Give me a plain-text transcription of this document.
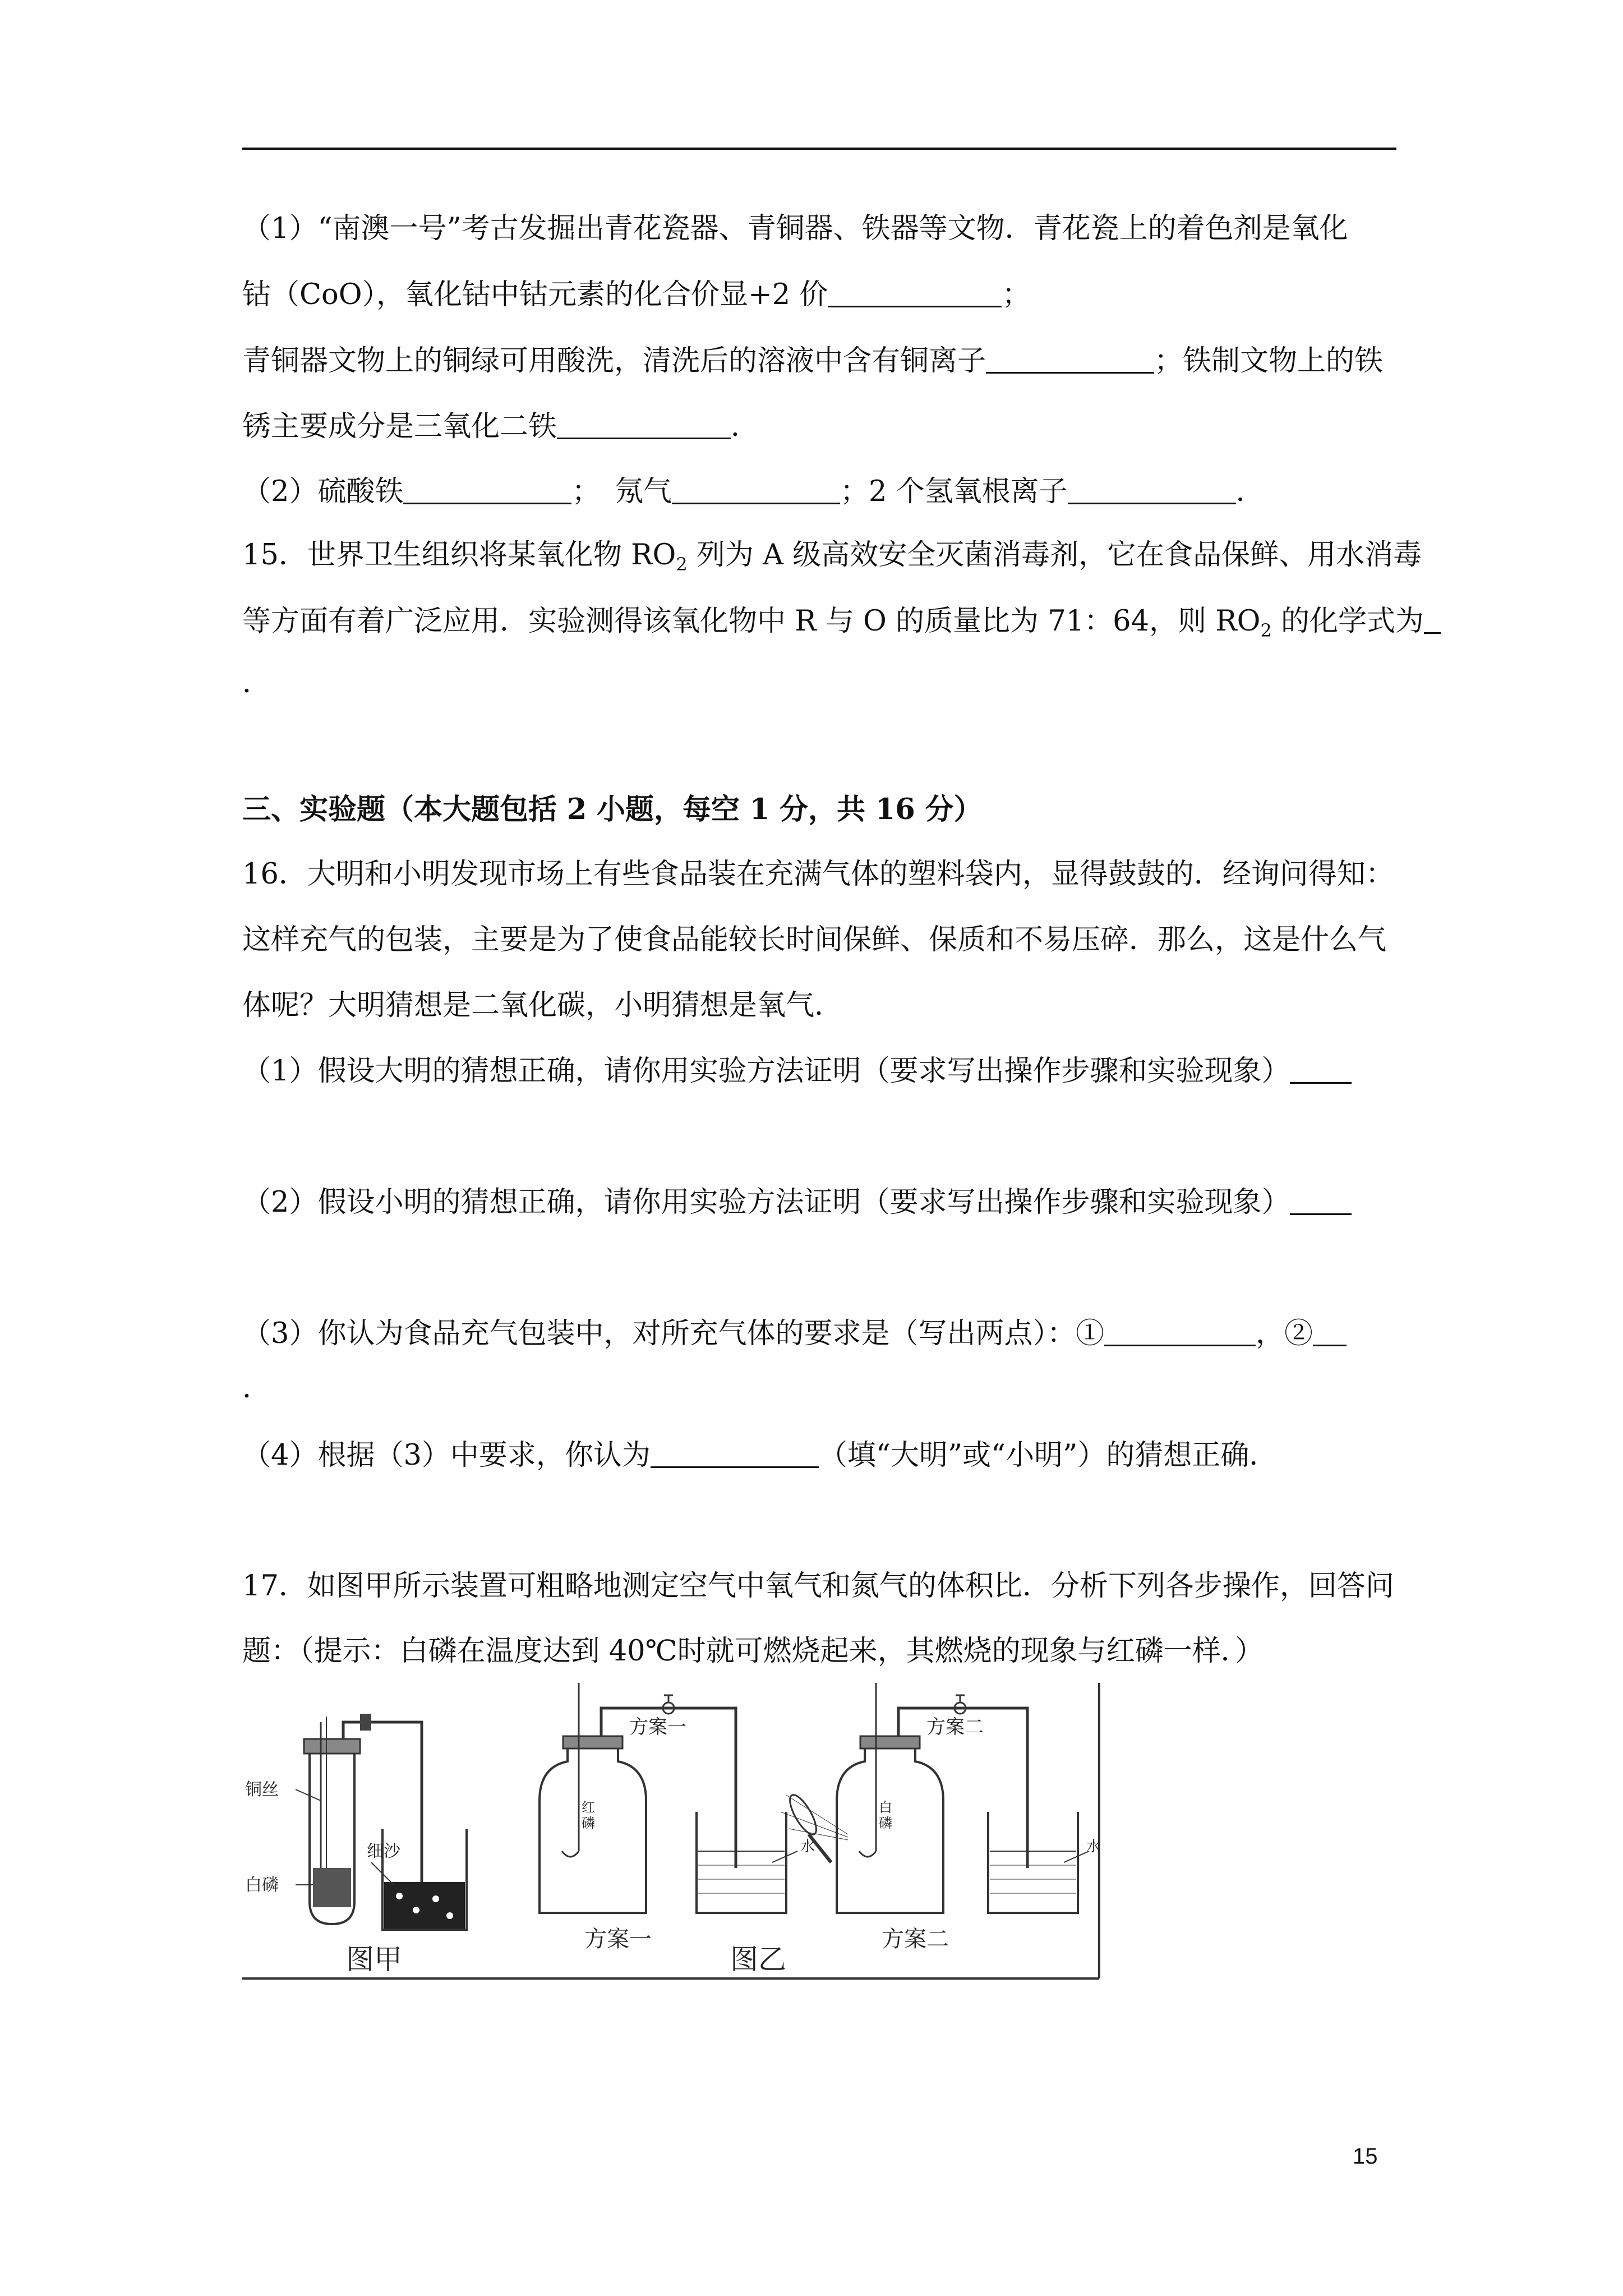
（1）“南澳一号”考古发掘出青花瓷器、青铜器、铁器等文物．青花瓷上的着色剂是氧化
钴（CoO），氧化钴中钴元素的化合价显+2 价	；
青铜器文物上的铜绿可用酸洗，清洗后的溶液中含有铜离子	；铁制文物上的铁
锈主要成分是三氧化二铁	．
（2）硫酸铁	；　氖气	；2 个氢氧根离子	．
15．世界卫生组织将某氧化物 $RO_2$ 列为 A 级高效安全灭菌消毒剂，它在食品保鲜、用水消毒
等方面有着广泛应用．实验测得该氧化物中 R 与 O 的质量比为 71：64，则 $RO_2$ 的化学式为
．
三、实验题（本大题包括 2 小题，每空 1 分，共 16 分）
16．大明和小明发现市场上有些食品装在充满气体的塑料袋内，显得鼓鼓的．经询问得知：
这样充气的包装，主要是为了使食品能较长时间保鲜、保质和不易压碎．那么，这是什么气
体呢？大明猜想是二氧化碳，小明猜想是氧气．
（1）假设大明的猜想正确，请你用实验方法证明（要求写出操作步骤和实验现象）
（2）假设小明的猜想正确，请你用实验方法证明（要求写出操作步骤和实验现象）
（3）你认为食品充气包装中，对所充气体的要求是（写出两点）：①	，②
．
（4）根据（3）中要求，你认为	（填“大明”或“小明”）的猜想正确．
17．如图甲所示装置可粗略地测定空气中氧气和氮气的体积比．分析下列各步操作，回答问
题：（提示：白磷在温度达到 40℃时就可燃烧起来，其燃烧的现象与红磷一样．）
铜丝
白磷
细沙
图甲
方案一
红
磷
水
方案一
图乙
方案二
白
磷
水
方案二
15
